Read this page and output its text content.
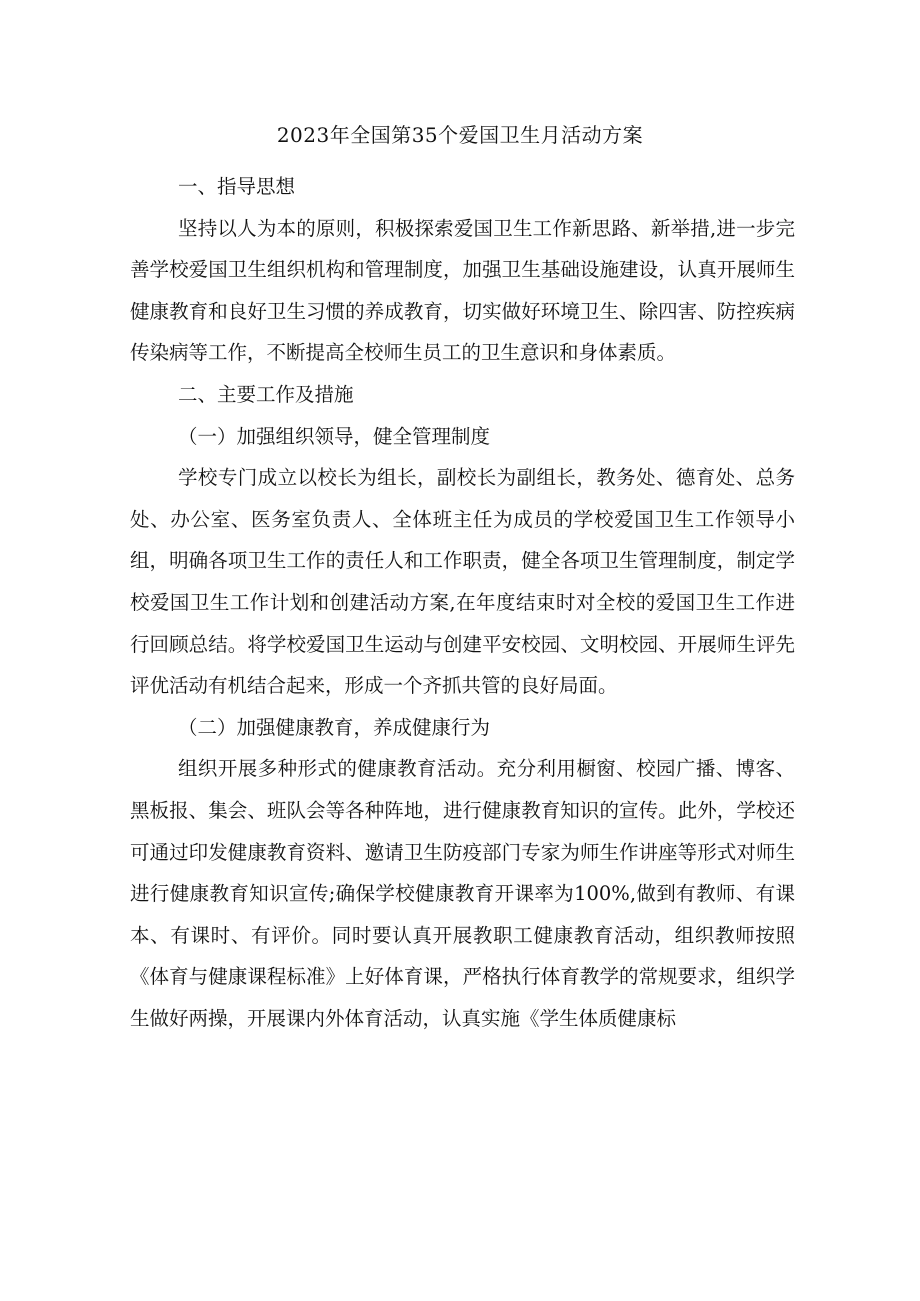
2023年全国第35个爱国卫生月活动方案

一、指导思想

坚持以人为本的原则，积极探索爱国卫生工作新思路、新举措,进一步完善学校爱国卫生组织机构和管理制度，加强卫生基础设施建设，认真开展师生健康教育和良好卫生习惯的养成教育，切实做好环境卫生、除四害、防控疾病传染病等工作，不断提高全校师生员工的卫生意识和身体素质。

二、主要工作及措施

（一）加强组织领导，健全管理制度

学校专门成立以校长为组长，副校长为副组长，教务处、德育处、总务处、办公室、医务室负责人、全体班主任为成员的学校爱国卫生工作领导小组，明确各项卫生工作的责任人和工作职责，健全各项卫生管理制度，制定学校爱国卫生工作计划和创建活动方案,在年度结束时对全校的爱国卫生工作进行回顾总结。将学校爱国卫生运动与创建平安校园、文明校园、开展师生评先评优活动有机结合起来，形成一个齐抓共管的良好局面。

（二）加强健康教育，养成健康行为

组织开展多种形式的健康教育活动。充分利用橱窗、校园广播、博客、黑板报、集会、班队会等各种阵地，进行健康教育知识的宣传。此外，学校还可通过印发健康教育资料、邀请卫生防疫部门专家为师生作讲座等形式对师生进行健康教育知识宣传;确保学校健康教育开课率为100%,做到有教师、有课本、有课时、有评价。同时要认真开展教职工健康教育活动，组织教师按照《体育与健康课程标准》上好体育课，严格执行体育教学的常规要求，组织学生做好两操，开展课内外体育活动，认真实施《学生体质健康标
